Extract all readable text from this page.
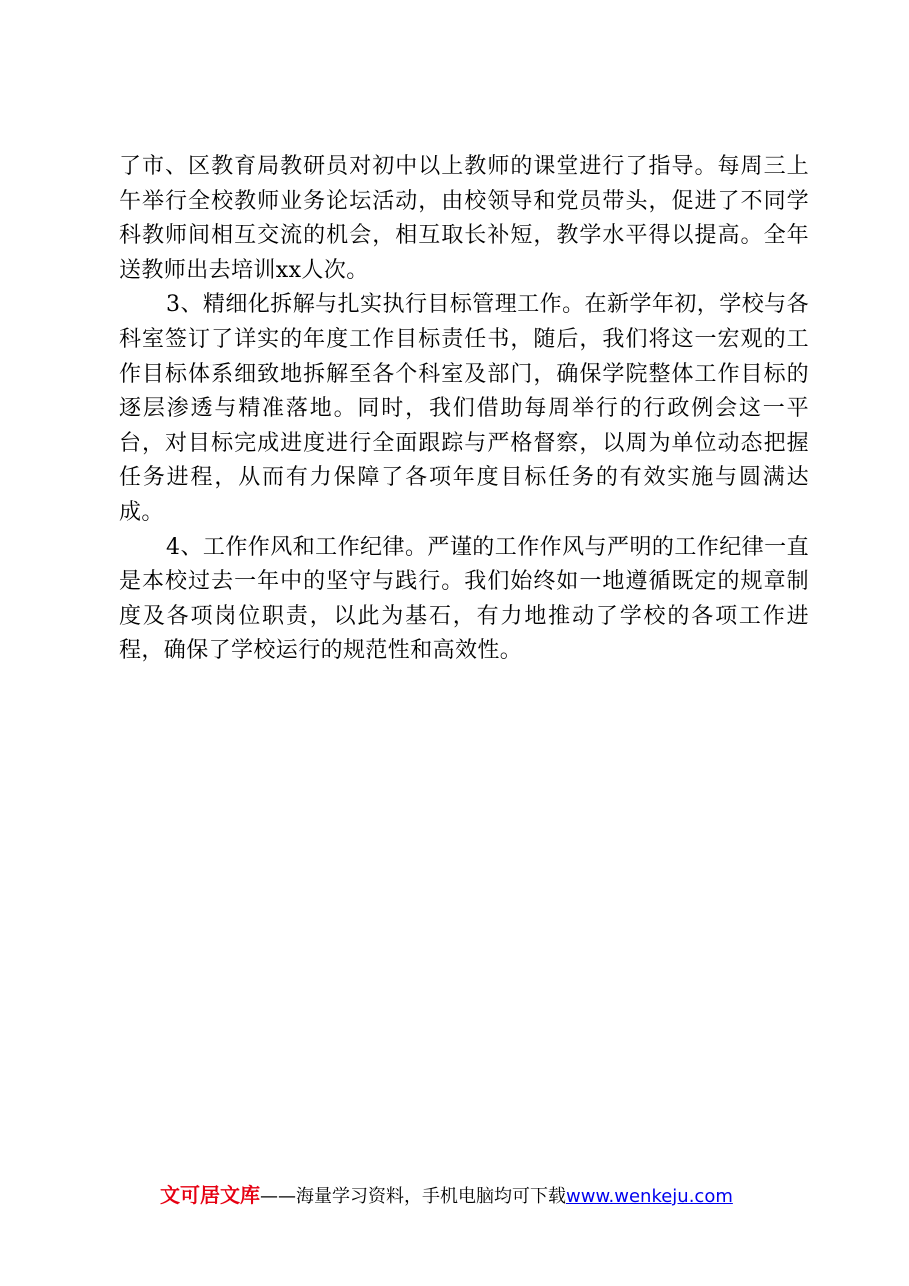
了市、区教育局教研员对初中以上教师的课堂进行了指导。每周三上午举行全校教师业务论坛活动，由校领导和党员带头，促进了不同学科教师间相互交流的机会，相互取长补短，教学水平得以提高。全年送教师出去培训xx人次。

3、精细化拆解与扎实执行目标管理工作。在新学年初，学校与各科室签订了详实的年度工作目标责任书，随后，我们将这一宏观的工作目标体系细致地拆解至各个科室及部门，确保学院整体工作目标的逐层渗透与精准落地。同时，我们借助每周举行的行政例会这一平台，对目标完成进度进行全面跟踪与严格督察，以周为单位动态把握任务进程，从而有力保障了各项年度目标任务的有效实施与圆满达成。

4、工作作风和工作纪律。严谨的工作作风与严明的工作纪律一直是本校过去一年中的坚守与践行。我们始终如一地遵循既定的规章制度及各项岗位职责，以此为基石，有力地推动了学校的各项工作进程，确保了学校运行的规范性和高效性。

文可居文库——海量学习资料，手机电脑均可下载www.wenkeju.com
